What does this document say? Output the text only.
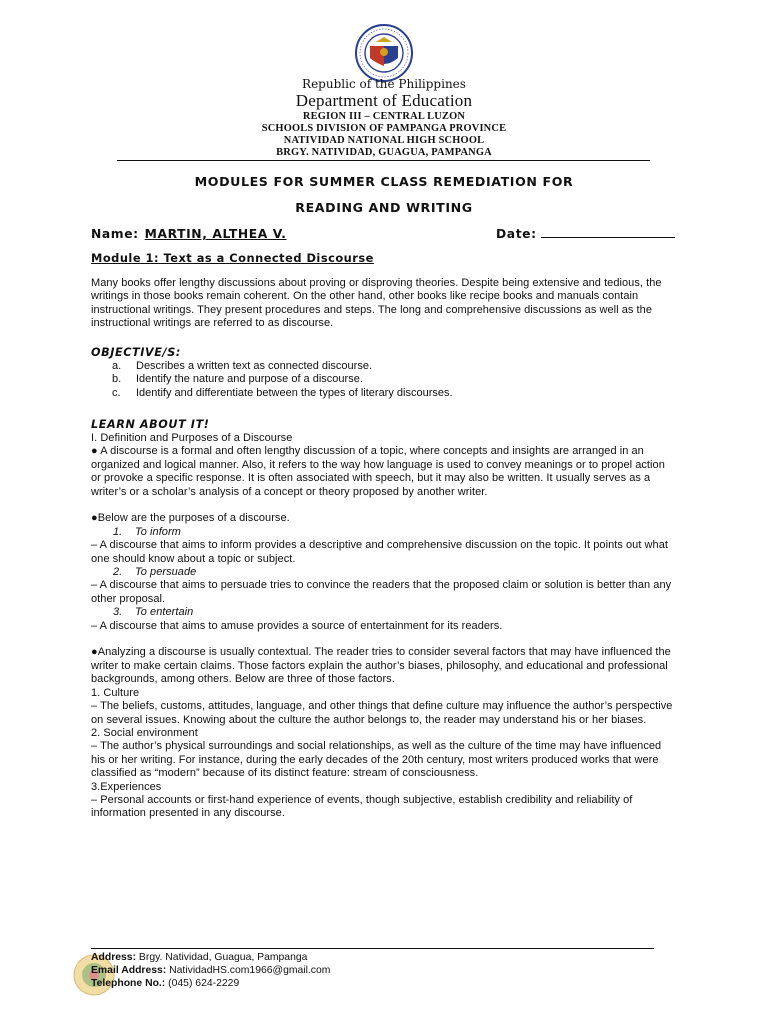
Republic of the Philippines
Department of Education
REGION III – CENTRAL LUZON
SCHOOLS DIVISION OF PAMPANGA PROVINCE
NATIVIDAD NATIONAL HIGH SCHOOL
BRGY. NATIVIDAD, GUAGUA, PAMPANGA
MODULES FOR SUMMER CLASS REMEDIATION FOR
READING AND WRITING
Name: MARTIN, ALTHEA V.	Date:
Module 1: Text as a Connected Discourse
Many books offer lengthy discussions about proving or disproving theories. Despite being extensive and tedious, the writings in those books remain coherent. On the other hand, other books like recipe books and manuals contain instructional writings. They present procedures and steps. The long and comprehensive discussions as well as the instructional writings are referred to as discourse.
OBJECTIVE/S:
a.	Describes a written text as connected discourse.
b.	Identify the nature and purpose of a discourse.
c.	Identify and differentiate between the types of literary discourses.
LEARN ABOUT IT!

I. Definition and Purposes of a Discourse

● A discourse is a formal and often lengthy discussion of a topic, where concepts and insights are arranged in an organized and logical manner. Also, it refers to the way how language is used to convey meanings or to propel action or provoke a specific response. It is often associated with speech, but it may also be written. It usually serves as a writer’s or a scholar’s analysis of a concept or theory proposed by another writer.

●Below are the purposes of a discourse.

1. To inform

– A discourse that aims to inform provides a descriptive and comprehensive discussion on the topic. It points out what one should know about a topic or subject.

2. To persuade

– A discourse that aims to persuade tries to convince the readers that the proposed claim or solution is better than any other proposal.

3. To entertain

– A discourse that aims to amuse provides a source of entertainment for its readers.

●Analyzing a discourse is usually contextual. The reader tries to consider several factors that may have influenced the writer to make certain claims. Those factors explain the author’s biases, philosophy, and educational and professional backgrounds, among others. Below are three of those factors.

1. Culture

– The beliefs, customs, attitudes, language, and other things that define culture may influence the author’s perspective on several issues. Knowing about the culture the author belongs to, the reader may understand his or her biases.

2. Social environment

– The author’s physical surroundings and social relationships, as well as the culture of the time may have influenced his or her writing. For instance, during the early decades of the 20th century, most writers produced works that were classified as “modern” because of its distinct feature: stream of consciousness.

3.Experiences

– Personal accounts or first-hand experience of events, though subjective, establish credibility and reliability of information presented in any discourse.

Address: Brgy. Natividad, Guagua, Pampanga
Email Address: NatividadHS.com1966@gmail.com
Telephone No.: (045) 624-2229
